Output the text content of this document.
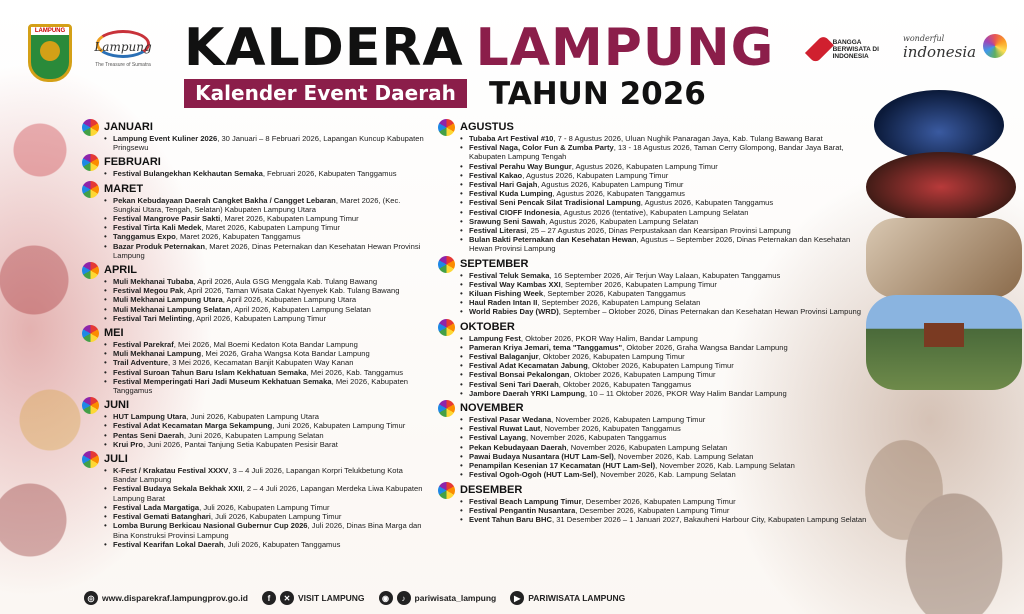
LAMPUNG
Lampung
The Treasure of Sumatra KALDERA LAMPUNG
Kalender Event Daerah	TAHUN 2026
BANGGA BERWISATA DI INDONESIA
wonderful
indonesia
JANUARI
• Lampung Event Kuliner 2026, 30 Januari – 8 Februari 2026, Lapangan Kuncup Kabupaten Pringsewu
FEBRUARI
• Festival Bulangekhan Kekhautan Semaka, Februari 2026, Kabupaten Tanggamus
MARET
• Pekan Kebudayaan Daerah Cangket Bakha / Cangget Lebaran, Maret 2026, (Kec. Sungkai Utara, Tengah, Selatan) Kabupaten Lampung Utara
• Festival Mangrove Pasir Sakti, Maret 2026, Kabupaten Lampung Timur
• Festival Tirta Kali Medek, Maret 2026, Kabupaten Lampung Timur
• Tanggamus Expo, Maret 2026, Kabupaten Tanggamus
• Bazar Produk Peternakan, Maret 2026, Dinas Peternakan dan Kesehatan Hewan Provinsi Lampung
APRIL
• Muli Mekhanai Tubaba, April 2026, Aula GSG Menggala Kab. Tulang Bawang
• Festival Megou Pak, April 2026, Taman Wisata Cakat Nyenyek Kab. Tulang Bawang
• Muli Mekhanai Lampung Utara, April 2026, Kabupaten Lampung Utara
• Muli Mekhanai Lampung Selatan, April 2026, Kabupaten Lampung Selatan
• Festival Tari Melinting, April 2026, Kabupaten Lampung Timur
MEI
• Festival Parekraf, Mei 2026, Mal Boemi Kedaton Kota Bandar Lampung
• Muli Mekhanai Lampung, Mei 2026, Graha Wangsa Kota Bandar Lampung
• Trail Adventure, 3 Mei 2026, Kecamatan Banjit Kabupaten Way Kanan
• Festival Suroan Tahun Baru Islam Kekhatuan Semaka, Mei 2026, Kab. Tanggamus
• Festival Memperingati Hari Jadi Museum Kekhatuan Semaka, Mei 2026, Kabupaten Tanggamus
JUNI
• HUT Lampung Utara, Juni 2026, Kabupaten Lampung Utara
• Festival Adat Kecamatan Marga Sekampung, Juni 2026, Kabupaten Lampung Timur
• Pentas Seni Daerah, Juni 2026, Kabupaten Lampung Selatan
• Krui Pro, Juni 2026, Pantai Tanjung Setia Kabupaten Pesisir Barat
JULI
• K-Fest / Krakatau Festival XXXV, 3 – 4 Juli 2026, Lapangan Korpri Telukbetung Kota Bandar Lampung
• Festival Budaya Sekala Bekhak XXII, 2 – 4 Juli 2026, Lapangan Merdeka Liwa Kabupaten Lampung Barat
• Festival Lada Margatiga, Juli 2026, Kabupaten Lampung Timur
• Festival Gemati Batanghari, Juli 2026, Kabupaten Lampung Timur
• Lomba Burung Berkicau Nasional Gubernur Cup 2026, Juli 2026, Dinas Bina Marga dan Bina Konstruksi Provinsi Lampung
• Festival Kearifan Lokal Daerah, Juli 2026, Kabupaten Tanggamus
AGUSTUS
• Tubaba Art Festival #10, 7 - 8 Agustus 2026, Uluan Nughik Panaragan Jaya, Kab. Tulang Bawang Barat
• Festival Naga, Color Fun & Zumba Party, 13 - 18 Agustus 2026, Taman Cerry Glompong, Bandar Jaya Barat, Kabupaten Lampung Tengah
• Festival Perahu Way Bungur, Agustus 2026, Kabupaten Lampung Timur
• Festival Kakao, Agustus 2026, Kabupaten Lampung Timur
• Festival Hari Gajah, Agustus 2026, Kabupaten Lampung Timur
• Festival Kuda Lumping, Agustus 2026, Kabupaten Tanggamus
• Festival Seni Pencak Silat Tradisional Lampung, Agustus 2026, Kabupaten Tanggamus
• Festival CIOFF Indonesia, Agustus 2026 (tentative), Kabupaten Lampung Selatan
• Srawung Seni Sawah, Agustus 2026, Kabupaten Lampung Selatan
• Festival Literasi, 25 – 27 Agustus 2026, Dinas Perpustakaan dan Kearsipan Provinsi Lampung
• Bulan Bakti Peternakan dan Kesehatan Hewan, Agustus – September 2026, Dinas Peternakan dan Kesehatan Hewan Provinsi Lampung
SEPTEMBER
• Festival Teluk Semaka, 16 September 2026, Air Terjun Way Lalaan, Kabupaten Tanggamus
• Festival Way Kambas XXI, September 2026, Kabupaten Lampung Timur
• Kiluan Fishing Week, September 2026, Kabupaten Tanggamus
• Haul Raden Intan II, September 2026, Kabupaten Lampung Selatan
• World Rabies Day (WRD), September – Oktober 2026, Dinas Peternakan dan Kesehatan Hewan Provinsi Lampung
OKTOBER
• Lampung Fest, Oktober 2026, PKOR Way Halim, Bandar Lampung
• Pameran Kriya Jemari, tema "Tanggamus", Oktober 2026, Graha Wangsa Bandar Lampung
• Festival Balaganjur, Oktober 2026, Kabupaten Lampung Timur
• Festival Adat Kecamatan Jabung, Oktober 2026, Kabupaten Lampung Timur
• Festival Bonsai Pekalongan, Oktober 2026, Kabupaten Lampung Timur
• Festival Seni Tari Daerah, Oktober 2026, Kabupaten Tanggamus
• Jambore Daerah YRKI Lampung, 10 – 11 Oktober 2026, PKOR Way Halim Bandar Lampung
NOVEMBER
• Festival Pasar Wedana, November 2026, Kabupaten Lampung Timur
• Festival Ruwat Laut, November 2026, Kabupaten Tanggamus
• Festival Layang, November 2026, Kabupaten Tanggamus
• Pekan Kebudayaan Daerah, November 2026, Kabupaten Lampung Selatan
• Pawai Budaya Nusantara (HUT Lam-Sel), November 2026, Kab. Lampung Selatan
• Penampilan Kesenian 17 Kecamatan (HUT Lam-Sel), November 2026, Kab. Lampung Selatan
• Festival Ogoh-Ogoh (HUT Lam-Sel), November 2026, Kab. Lampung Selatan
DESEMBER
• Festival Beach Lampung Timur, Desember 2026, Kabupaten Lampung Timur
• Festival Pengantin Nusantara, Desember 2026, Kabupaten Lampung Timur
• Event Tahun Baru BHC, 31 Desember 2026 – 1 Januari 2027, Bakauheni Harbour City, Kabupaten Lampung Selatan
◎ www.disparekraf.lampungprov.go.id	f	✕ VISIT LAMPUNG	◉	♪	pariwisata_lampung	▶ PARIWISATA LAMPUNG
